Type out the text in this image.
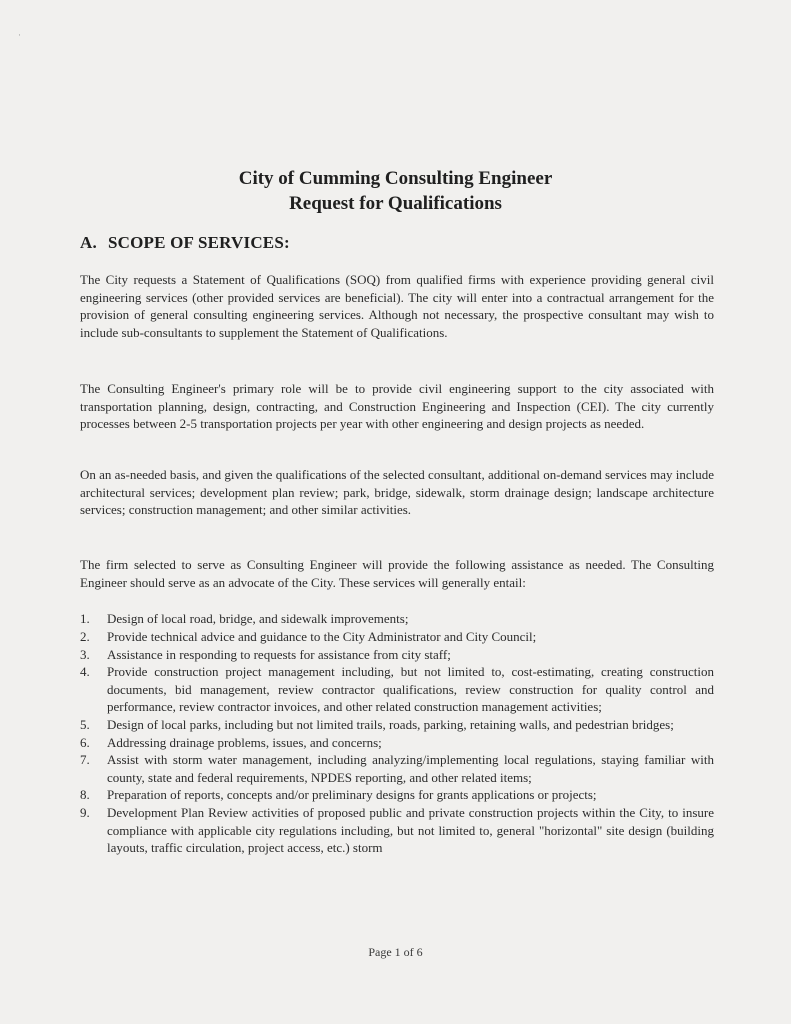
·
City of Cumming Consulting Engineer
Request for Qualifications
A. SCOPE OF SERVICES:
The City requests a Statement of Qualifications (SOQ) from qualified firms with experience providing general civil engineering services (other provided services are beneficial). The city will enter into a contractual arrangement for the provision of general consulting engineering services. Although not necessary, the prospective consultant may wish to include sub-consultants to supplement the Statement of Qualifications.
The Consulting Engineer's primary role will be to provide civil engineering support to the city associated with transportation planning, design, contracting, and Construction Engineering and Inspection (CEI). The city currently processes between 2-5 transportation projects per year with other engineering and design projects as needed.
On an as-needed basis, and given the qualifications of the selected consultant, additional on-demand services may include architectural services; development plan review; park, bridge, sidewalk, storm drainage design; landscape architecture services; construction management; and other similar activities.
The firm selected to serve as Consulting Engineer will provide the following assistance as needed. The Consulting Engineer should serve as an advocate of the City. These services will generally entail:
1.	Design of local road, bridge, and sidewalk improvements;
2.	Provide technical advice and guidance to the City Administrator and City Council;
3.	Assistance in responding to requests for assistance from city staff;
4.	Provide construction project management including, but not limited to, cost-estimating, creating construction documents, bid management, review contractor qualifications, review construction for quality control and performance, review contractor invoices, and other related construction management activities;
5.	Design of local parks, including but not limited trails, roads, parking, retaining walls, and pedestrian bridges;
6.	Addressing drainage problems, issues, and concerns;
7.	Assist with storm water management, including analyzing/implementing local regulations, staying familiar with county, state and federal requirements, NPDES reporting, and other related items;
8.	Preparation of reports, concepts and/or preliminary designs for grants applications or projects;
9.	Development Plan Review activities of proposed public and private construction projects within the City, to insure compliance with applicable city regulations including, but not limited to, general "horizontal" site design (building layouts, traffic circulation, project access, etc.) storm
Page 1 of 6
